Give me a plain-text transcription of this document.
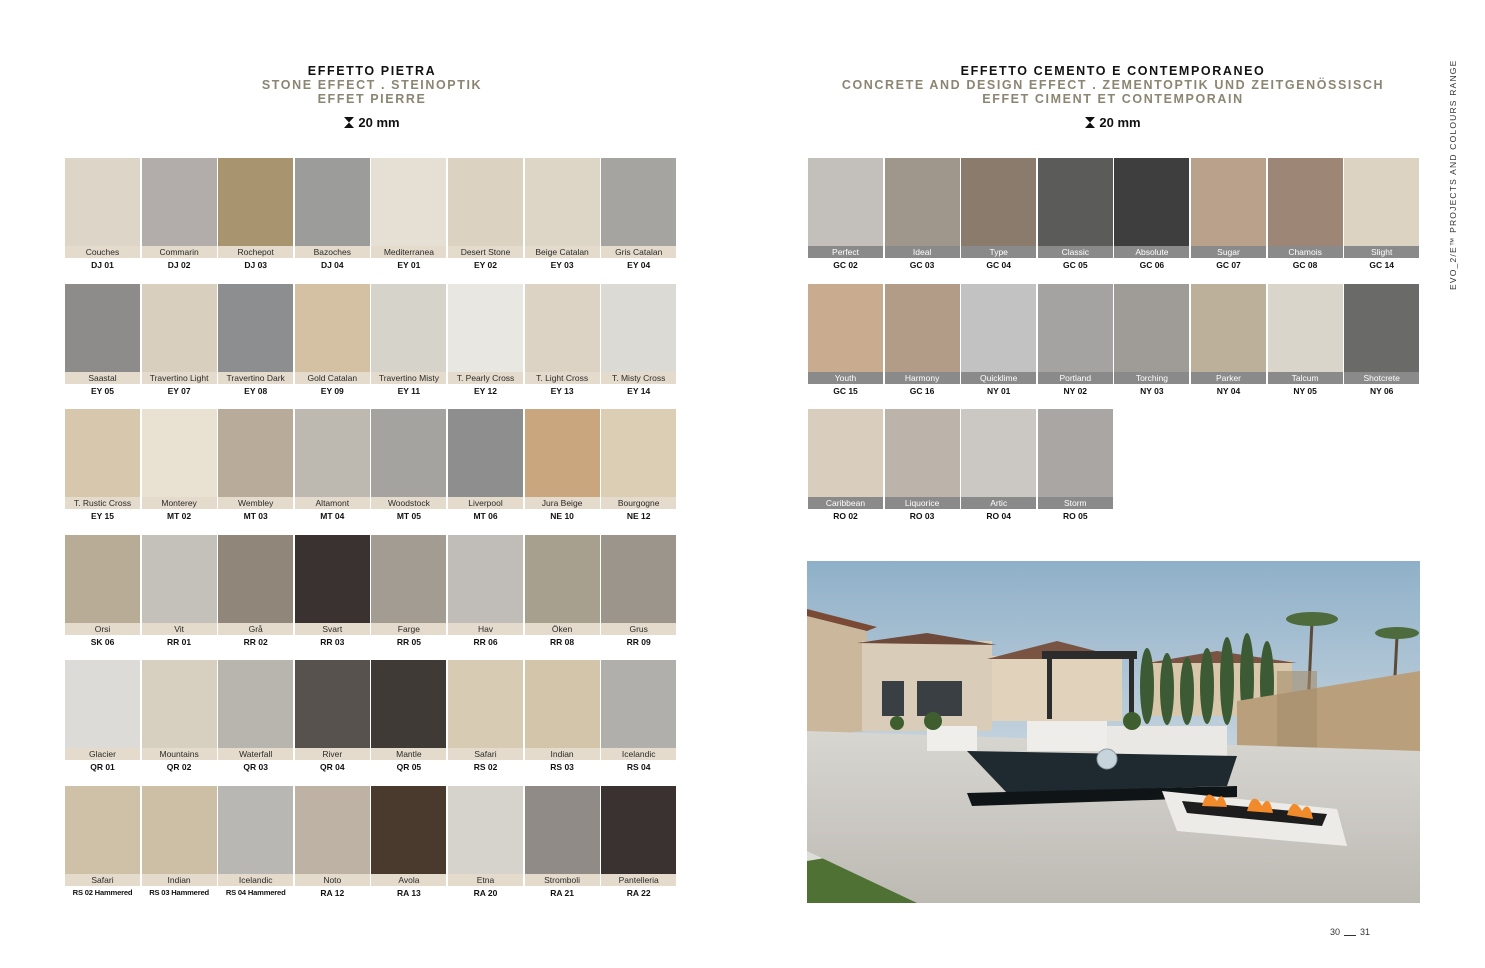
EFFETTO PIETRA
STONE EFFECT . STEINOPTIK
EFFET PIERRE
20 mm
EFFETTO CEMENTO E CONTEMPORANEO
CONCRETE AND DESIGN EFFECT . ZEMENTOPTIK UND ZEITGENÖSSISCH
EFFET CIMENT ET CONTEMPORAIN
20 mm
Couches
DJ 01
Commarin
DJ 02
Rochepot
DJ 03
Bazoches
DJ 04
Mediterranea
EY 01
Desert Stone
EY 02
Beige Catalan
EY 03
Gris Catalan
EY 04
Saastal
EY 05
Travertino Light
EY 07
Travertino Dark
EY 08
Gold Catalan
EY 09
Travertino Misty
EY 11
T. Pearly Cross
EY 12
T. Light Cross
EY 13
T. Misty Cross
EY 14
T. Rustic Cross
EY 15
Monterey
MT 02
Wembley
MT 03
Altamont
MT 04
Woodstock
MT 05
Liverpool
MT 06
Jura Beige
NE 10
Bourgogne
NE 12
Orsi
SK 06
Vit
RR 01
Grå
RR 02
Svart
RR 03
Farge
RR 05
Hav
RR 06
Öken
RR 08
Grus
RR 09
Glacier
QR 01
Mountains
QR 02
Waterfall
QR 03
River
QR 04
Mantle
QR 05
Safari
RS 02
Indian
RS 03
Icelandic
RS 04
Safari
RS 02 Hammered
Indian
RS 03 Hammered
Icelandic
RS 04 Hammered
Noto
RA 12
Avola
RA 13
Etna
RA 20
Stromboli
RA 21
Pantelleria
RA 22
Perfect
GC 02
Ideal
GC 03
Type
GC 04
Classic
GC 05
Absolute
GC 06
Sugar
GC 07
Chamois
GC 08
Slight
GC 14
Youth
GC 15
Harmony
GC 16
Quicklime
NY 01
Portland
NY 02
Torching
NY 03
Parker
NY 04
Talcum
NY 05
Shotcrete
NY 06
Caribbean
RO 02
Liquorice
RO 03
Artic
RO 04
Storm
RO 05
EVO_2/E™ PROJECTS AND COLOURS RANGE
30 31
